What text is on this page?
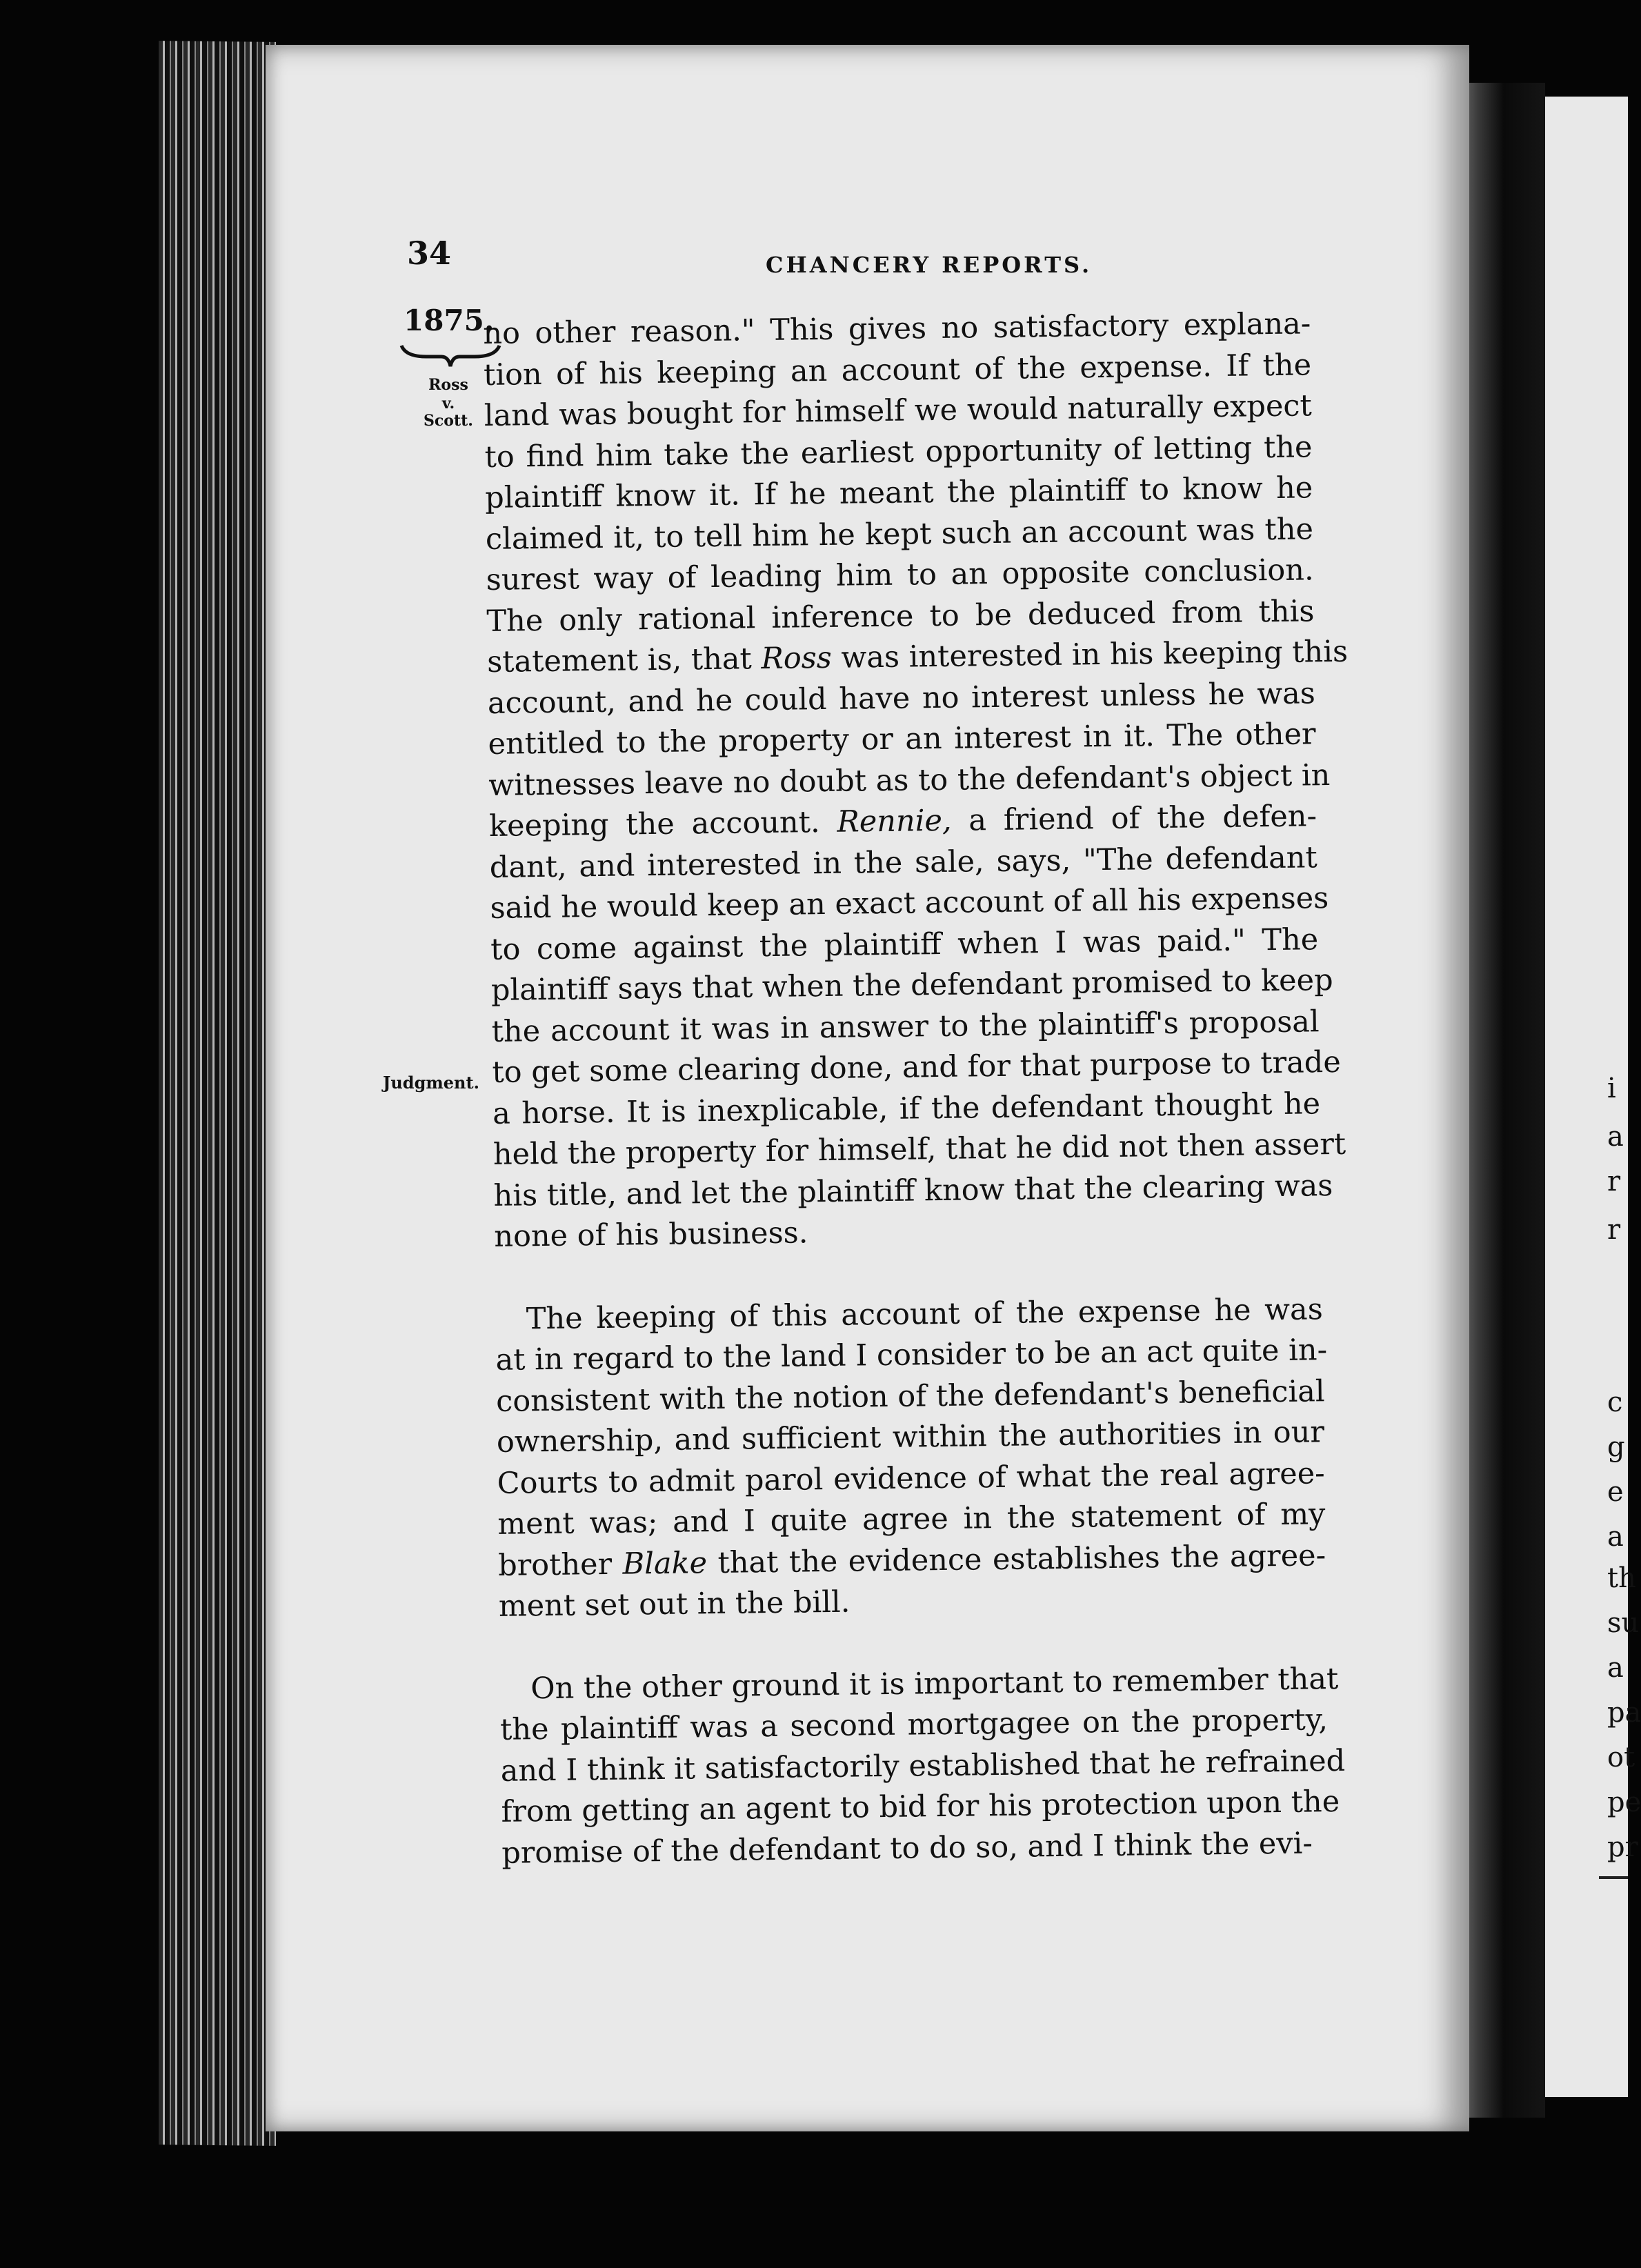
34	CHANCERY REPORTS.
1875.
Ross
v.
Scott.
Judgment.
no other reason." This gives no satisfactory explana-
tion of his keeping an account of the expense. If the
land was bought for himself we would naturally expect
to find him take the earliest opportunity of letting the
plaintiff know it. If he meant the plaintiff to know he
claimed it, to tell him he kept such an account was the
surest way of leading him to an opposite conclusion.
The only rational inference to be deduced from this
statement is, that Ross was interested in his keeping this
account, and he could have no interest unless he was
entitled to the property or an interest in it. The other
witnesses leave no doubt as to the defendant's object in
keeping the account. Rennie, a friend of the defen-
dant, and interested in the sale, says, "The defendant
said he would keep an exact account of all his expenses
to come against the plaintiff when I was paid." The
plaintiff says that when the defendant promised to keep
the account it was in answer to the plaintiff's proposal
to get some clearing done, and for that purpose to trade
a horse. It is inexplicable, if the defendant thought he
held the property for himself, that he did not then assert
his title, and let the plaintiff know that the clearing was
none of his business.
The keeping of this account of the expense he was
at in regard to the land I consider to be an act quite in-
consistent with the notion of the defendant's beneficial
ownership, and sufficient within the authorities in our
Courts to admit parol evidence of what the real agree-
ment was; and I quite agree in the statement of my
brother Blake that the evidence establishes the agree-
ment set out in the bill.
On the other ground it is important to remember that
the plaintiff was a second mortgagee on the property,
and I think it satisfactorily established that he refrained
from getting an agent to bid for his protection upon the
promise of the defendant to do so, and I think the evi-
i
a
r
r
c
g
e
a
th
su
a
pa
ot
pe
pr
